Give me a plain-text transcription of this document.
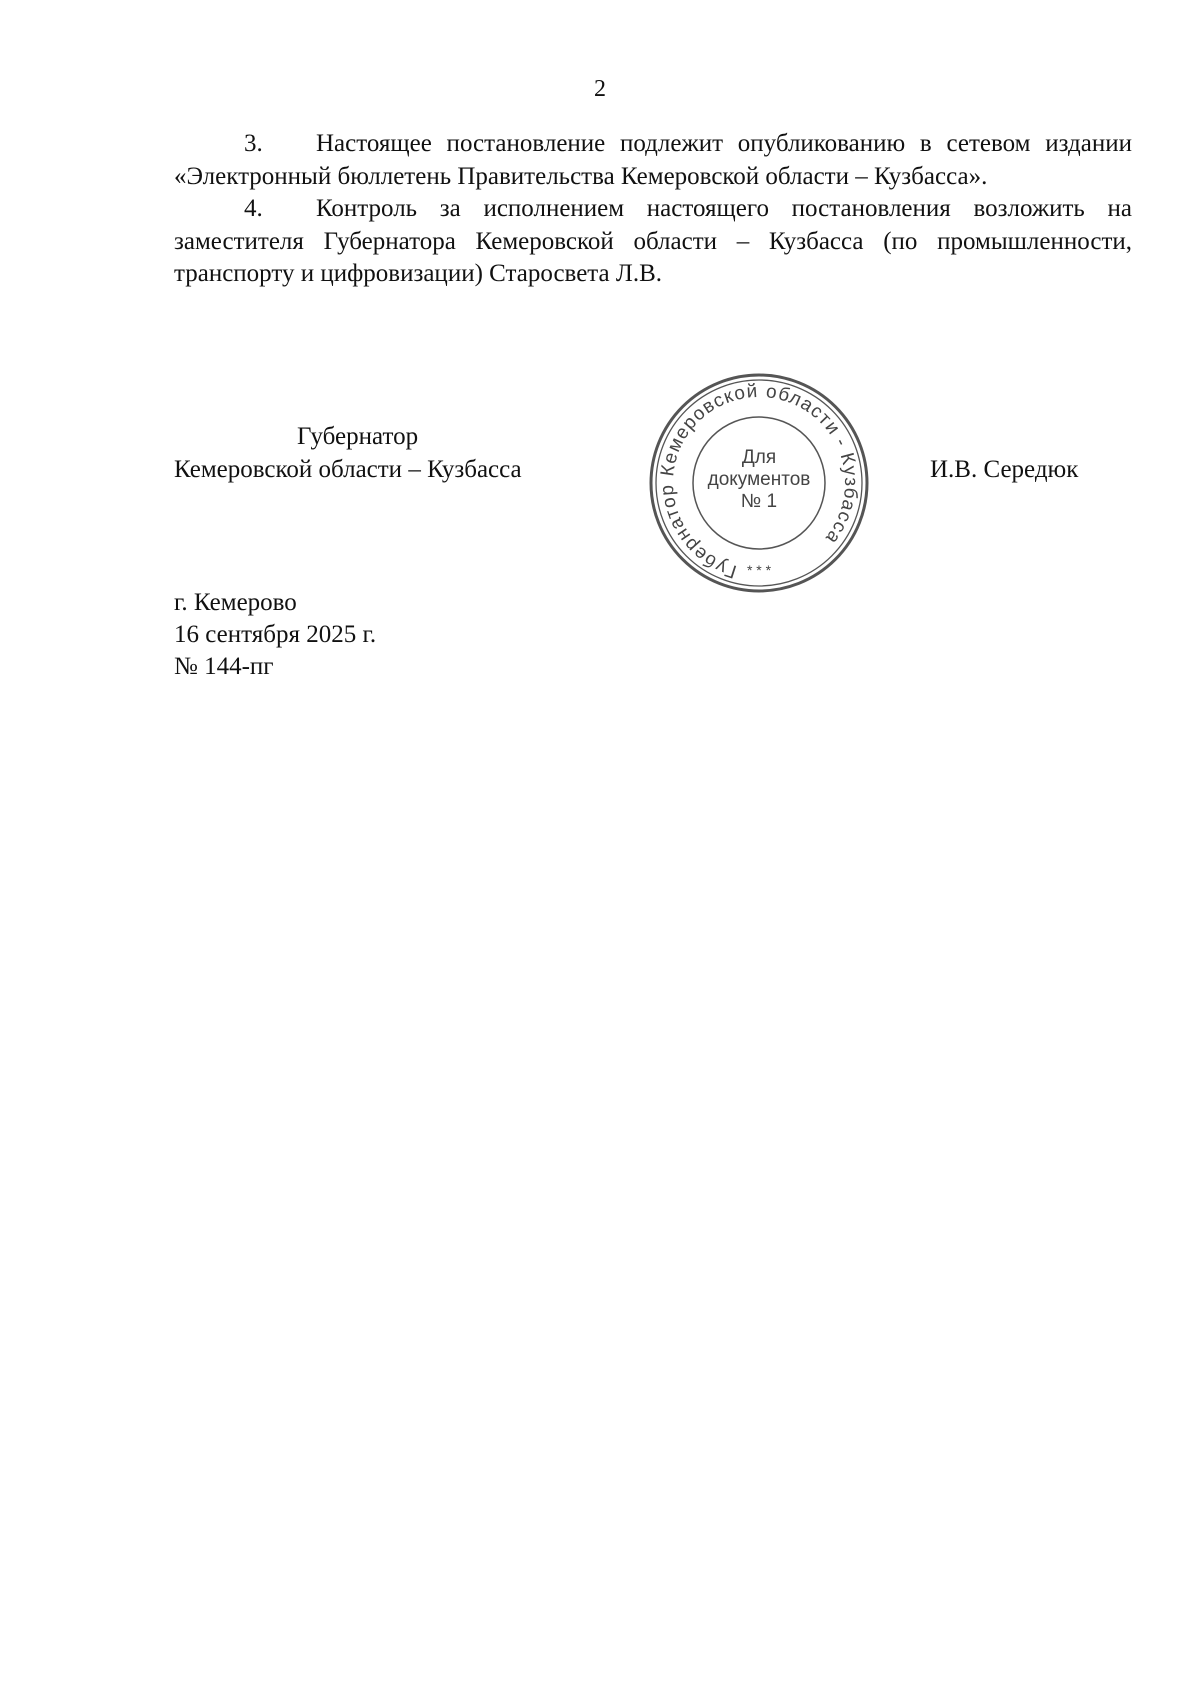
2

3. Настоящее постановление подлежит опубликованию в сетевом издании «Электронный бюллетень Правительства Кемеровской области – Кузбасса».

4. Контроль за исполнением настоящего постановления возложить на заместителя Губернатора Кемеровской области – Кузбасса (по промышленности, транспорту и цифровизации) Старосвета Л.В.

Губернатор
Кемеровской области – Кузбасса	И.В. Середюк
Губернатор Кемеровской области - Кузбасса
Для
документов
№ 1
* * *
г. Кемерово
16 сентября 2025 г.
№ 144-пг
